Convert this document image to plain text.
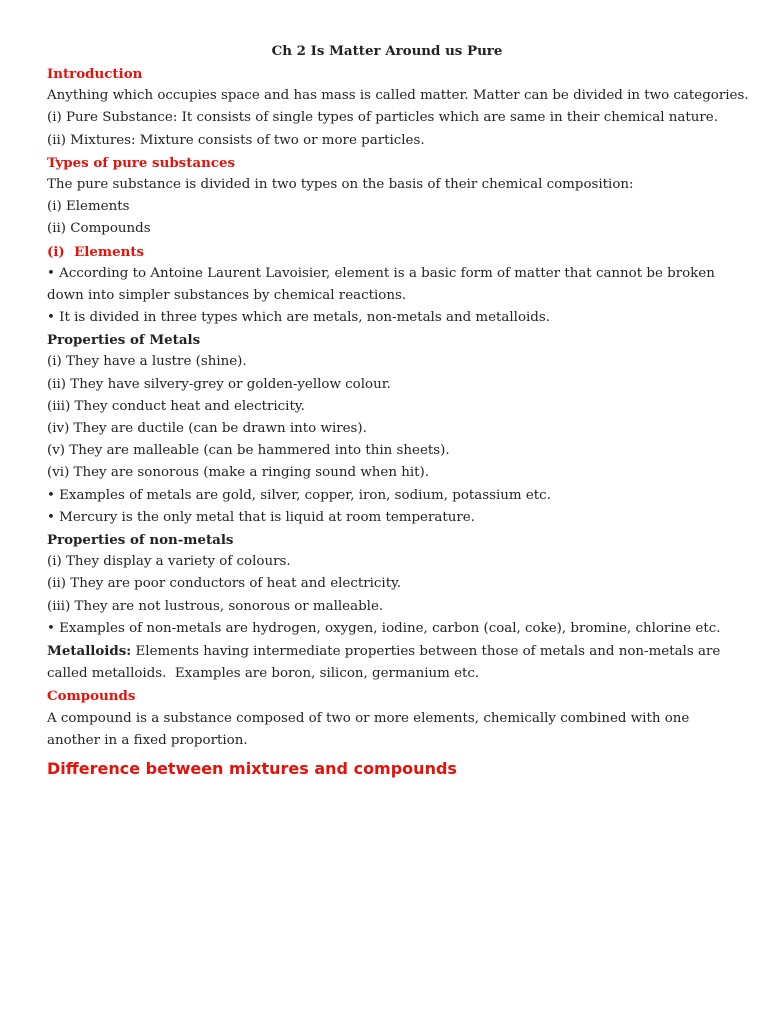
Ch 2 Is Matter Around us Pure
Introduction
Anything which occupies space and has mass is called matter. Matter can be divided in two categories.
(i) Pure Substance: It consists of single types of particles which are same in their chemical nature.
(ii) Mixtures: Mixture consists of two or more particles.
Types of pure substances
The pure substance is divided in two types on the basis of their chemical composition:
(i) Elements
(ii) Compounds
(i)  Elements
• According to Antoine Laurent Lavoisier, element is a basic form of matter that cannot be broken down into simpler substances by chemical reactions.
• It is divided in three types which are metals, non-metals and metalloids.
Properties of Metals
(i) They have a lustre (shine).
(ii) They have silvery-grey or golden-yellow colour.
(iii) They conduct heat and electricity.
(iv) They are ductile (can be drawn into wires).
(v) They are malleable (can be hammered into thin sheets).
(vi) They are sonorous (make a ringing sound when hit).
• Examples of metals are gold, silver, copper, iron, sodium, potassium etc.
• Mercury is the only metal that is liquid at room temperature.
Properties of non-metals
(i) They display a variety of colours.
(ii) They are poor conductors of heat and electricity.
(iii) They are not lustrous, sonorous or malleable.
• Examples of non-metals are hydrogen, oxygen, iodine, carbon (coal, coke), bromine, chlorine etc.
Metalloids: Elements having intermediate properties between those of metals and non-metals are called metalloids.  Examples are boron, silicon, germanium etc.
Compounds
A compound is a substance composed of two or more elements, chemically combined with one another in a fixed proportion.
Difference between mixtures and compounds
